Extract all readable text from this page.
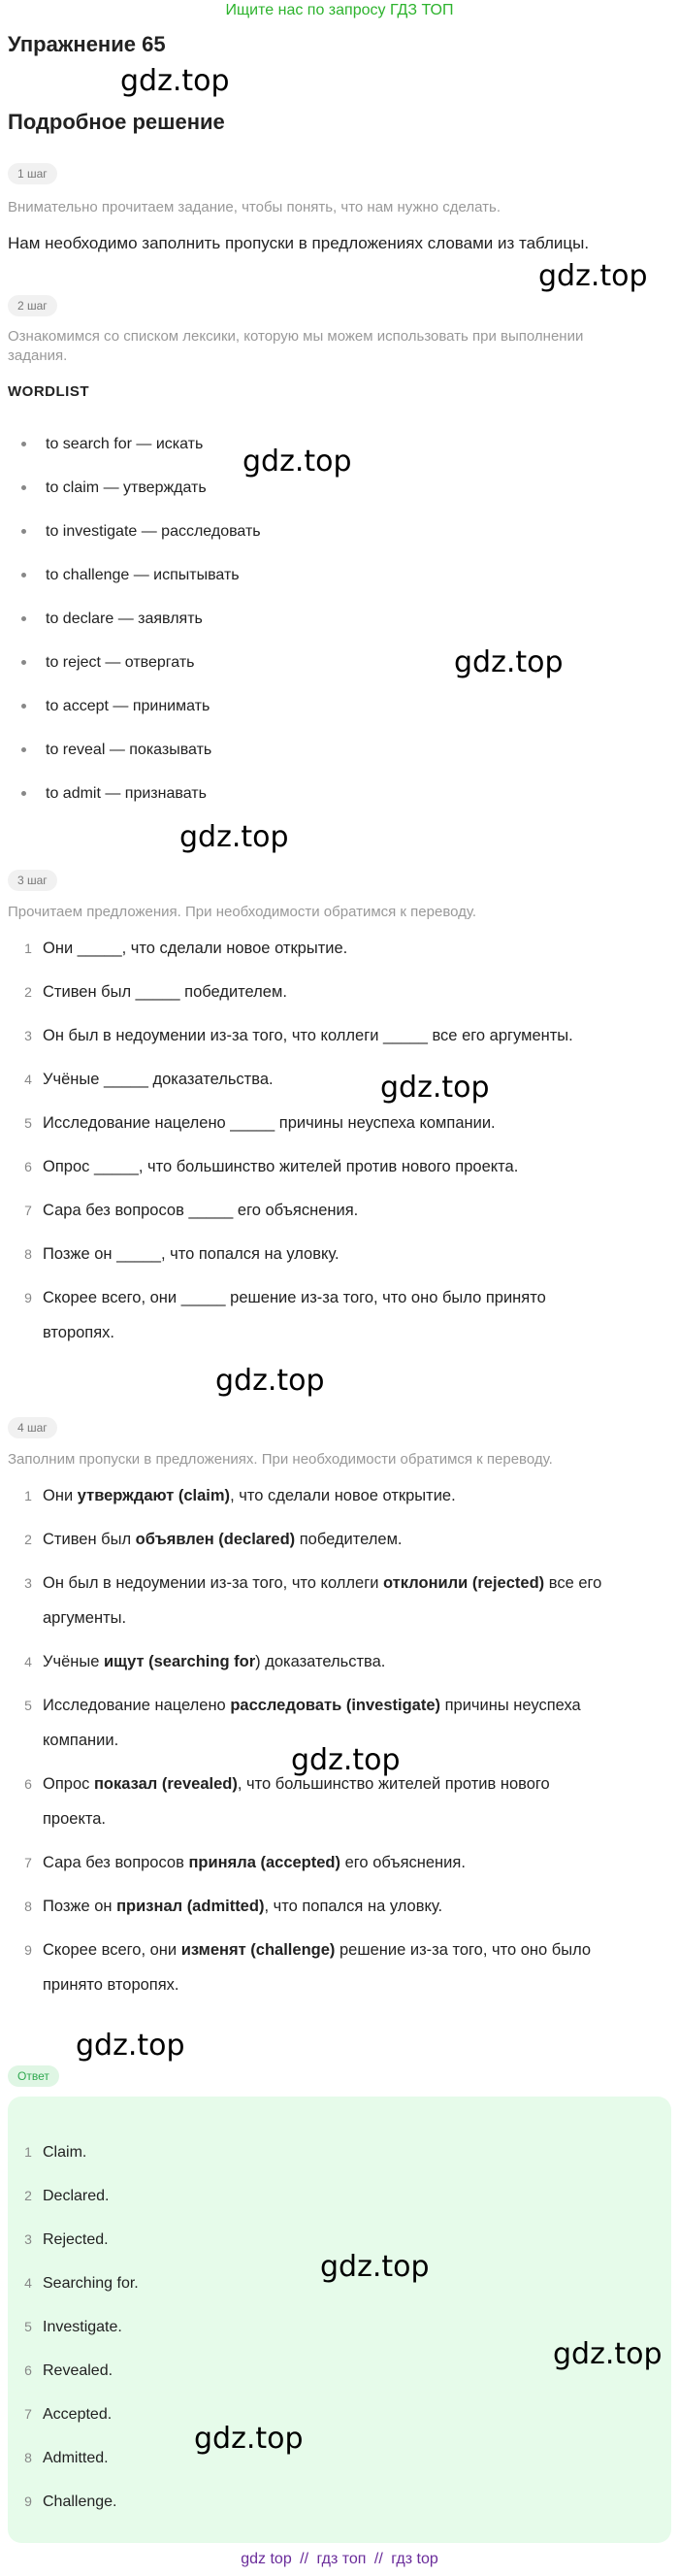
Ищите нас по запросу ГДЗ ТОП
Упражнение 65
gdz.top
Подробное решение
1 шаг
Внимательно прочитаем задание, чтобы понять, что нам нужно сделать.
Нам необходимо заполнить пропуски в предложениях словами из таблицы.
gdz.top
2 шаг
Ознакомимся со списком лексики, которую мы можем использовать при выполнении
задания.
WORDLIST
to search for — искать
to claim — утверждать
to investigate — расследовать
to challenge — испытывать
to declare — заявлять
to reject — отвергать
to accept — принимать
to reveal — показывать
to admit — признавать
gdz.top
gdz.top
gdz.top
3 шаг
Прочитаем предложения. При необходимости обратимся к переводу.
1 Они _____, что сделали новое открытие.
2 Стивен был _____ победителем.
3 Он был в недоумении из-за того, что коллеги _____ все его аргументы.
4 Учёные _____ доказательства.
5 Исследование нацелено _____ причины неуспеха компании.
6 Опрос _____, что большинство жителей против нового проекта.
7 Сара без вопросов _____ его объяснения.
8 Позже он _____, что попался на уловку.
9 Скорее всего, они _____ решение из-за того, что оно было принято
второпях.
gdz.top
gdz.top
4 шаг
Заполним пропуски в предложениях. При необходимости обратимся к переводу.
1 Они утверждают (claim), что сделали новое открытие.
2 Стивен был объявлен (declared) победителем.
3 Он был в недоумении из-за того, что коллеги отклонили (rejected) все его
аргументы.
4 Учёные ищут (searching for) доказательства.
5 Исследование нацелено расследовать (investigate) причины неуспеха
компании.
6 Опрос показал (revealed), что большинство жителей против нового
проекта.
7 Сара без вопросов приняла (accepted) его объяснения.
8 Позже он признал (admitted), что попался на уловку.
9 Скорее всего, они изменят (challenge) решение из-за того, что оно было
принято второпях.
gdz.top
gdz.top
Ответ
1 Claim.
2 Declared.
3 Rejected.
4 Searching for.
5 Investigate.
6 Revealed.
7 Accepted.
8 Admitted.
9 Challenge.
gdz.top
gdz.top
gdz.top
gdz top // гдз топ // гдз top
